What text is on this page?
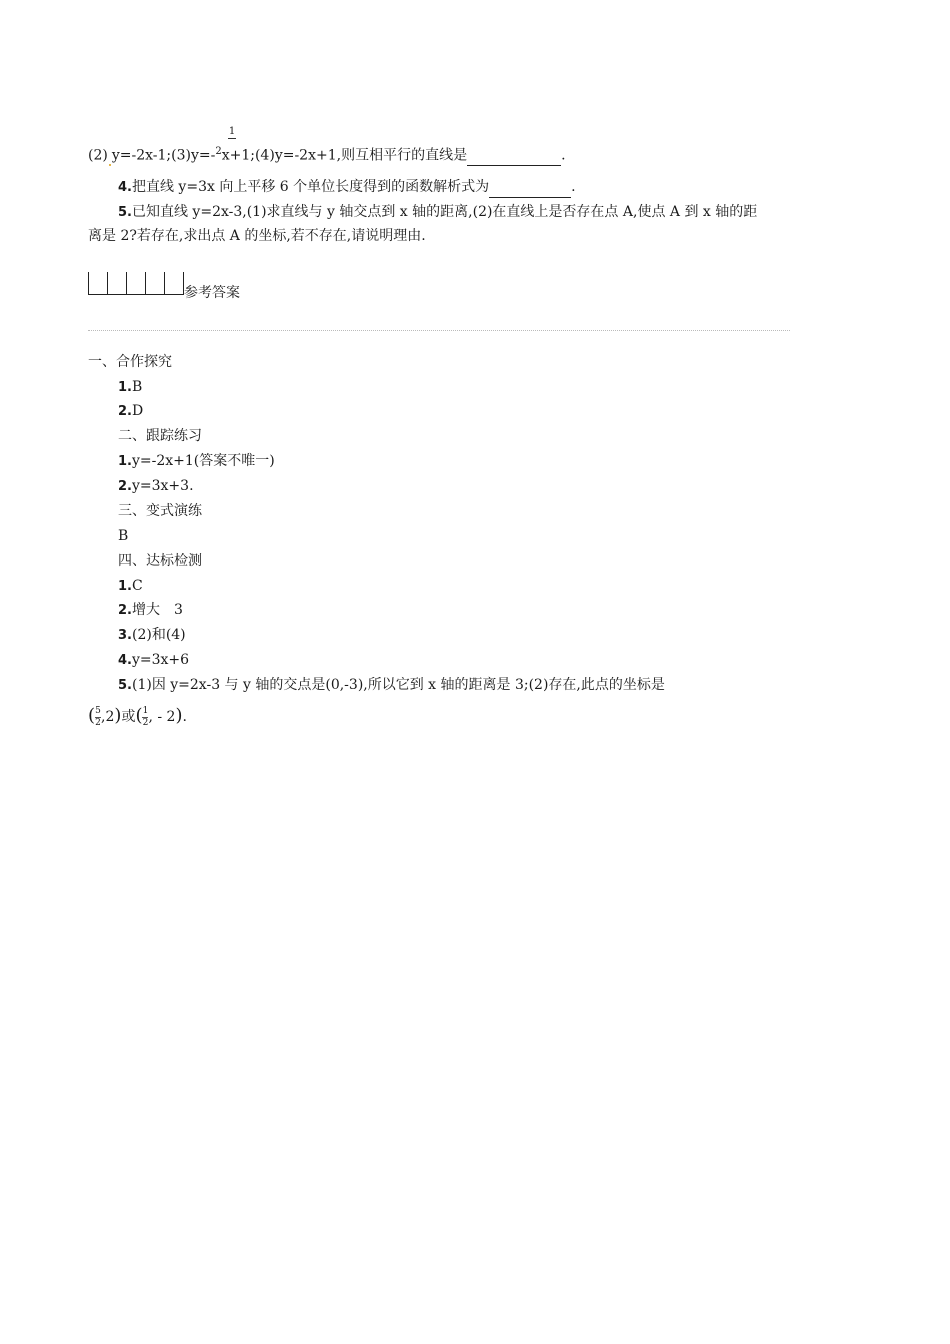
1
(2) y=-2x-1;(3)y=-$^2$x+1;(4)y=-2x+1,则互相平行的直线是	.
4.把直线 y=3x 向上平移 6 个单位长度得到的函数解析式为	.
5.已知直线 y=2x-3,(1)求直线与 y 轴交点到 x 轴的距离,(2)在直线上是否存在点 A,使点 A 到 x 轴的距
离是 2?若存在,求出点 A 的坐标,若不存在,请说明理由.
参考答案
一、合作探究
1.B
2.D
二、跟踪练习
1.y=-2x+1(答案不唯一)
2.y=3x+3.
三、变式演练
B
四、达标检测
1.C
2.增大　3
3.(2)和(4)
4.y=3x+6
5.(1)因 y=2x-3 与 y 轴的交点是(0,-3),所以它到 x 轴的距离是 3;(2)存在,此点的坐标是
$(\frac{5}{2},2)$或($\frac{1}{2}$, - 2).
